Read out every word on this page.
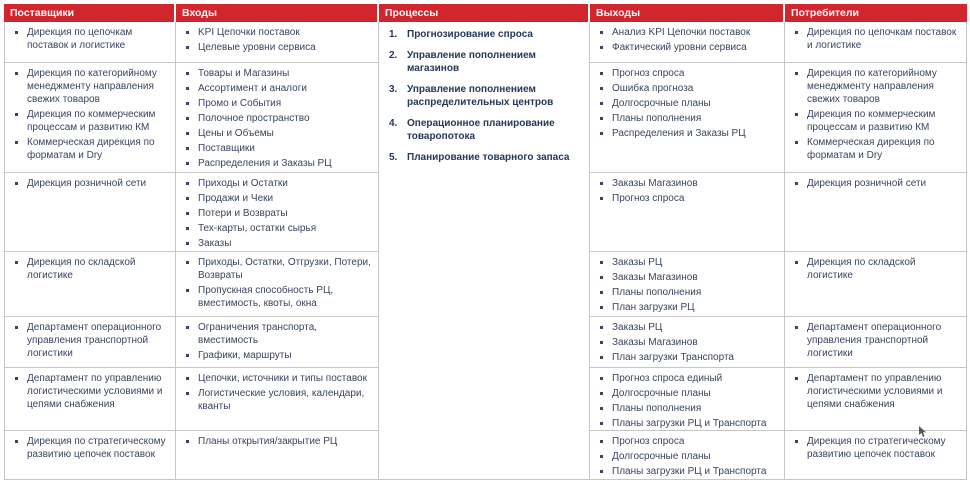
Поставщики
Дирекция по цепочкам поставок и логистике
Дирекция по категорийному менеджменту направления свежих товаров
Дирекция по коммерческим процессам и развитию КМ
Коммерческая дирекция по форматам и Dry
Дирекция розничной сети
Дирекция по складской логистике
Департамент операционного управления транспортной логистики
Департамент по управлению логистическими условиями и цепями снабжения
Дирекция по стратегическому развитию цепочек поставок
Входы
KPI Цепочки поставок
Целевые уровни сервиса
Товары и Магазины
Ассортимент и аналоги
Промо и События
Полочное пространство
Цены и Объемы
Поставщики
Распределения и Заказы РЦ
Приходы и Остатки
Продажи и Чеки
Потери и Возвраты
Тех-карты, остатки сырья
Заказы
Приходы, Остатки, Отгрузки, Потери, Возвраты
Пропускная способность РЦ, вместимость, квоты, окна
Ограничения транспорта, вместимость
Графики, маршруты
Цепочки, источники и типы поставок
Логистические условия, календари, кванты
Планы открытия/закрытие РЦ
Процессы
1. Прогнозирование спроса
2. Управление пополнением магазинов
3. Управление пополнением распределительных центров
4. Операционное планирование товаропотока
5. Планирование товарного запаса
Выходы
Анализ KPI Цепочки поставок
Фактический уровни сервиса
Прогноз спроса
Ошибка прогноза
Долгосрочные планы
Планы пополнения
Распределения и Заказы РЦ
Заказы Магазинов
Прогноз спроса
Заказы РЦ
Заказы Магазинов
Планы пополнения
План загрузки РЦ
Заказы РЦ
Заказы Магазинов
План загрузки Транспорта
Прогноз спроса единый
Долгосрочные планы
Планы пополнения
Планы загрузки РЦ и Транспорта
Прогноз спроса
Долгосрочные планы
Планы загрузки РЦ и Транспорта
Потребители
Дирекция по цепочкам поставок и логистике
Дирекция по категорийному менеджменту направления свежих товаров
Дирекция по коммерческим процессам и развитию КМ
Коммерческая дирекция по форматам и Dry
Дирекция розничной сети
Дирекция по складской логистике
Департамент операционного управления транспортной логистики
Департамент по управлению логистическими условиями и цепями снабжения
Дирекция по стратегическому развитию цепочек поставок
